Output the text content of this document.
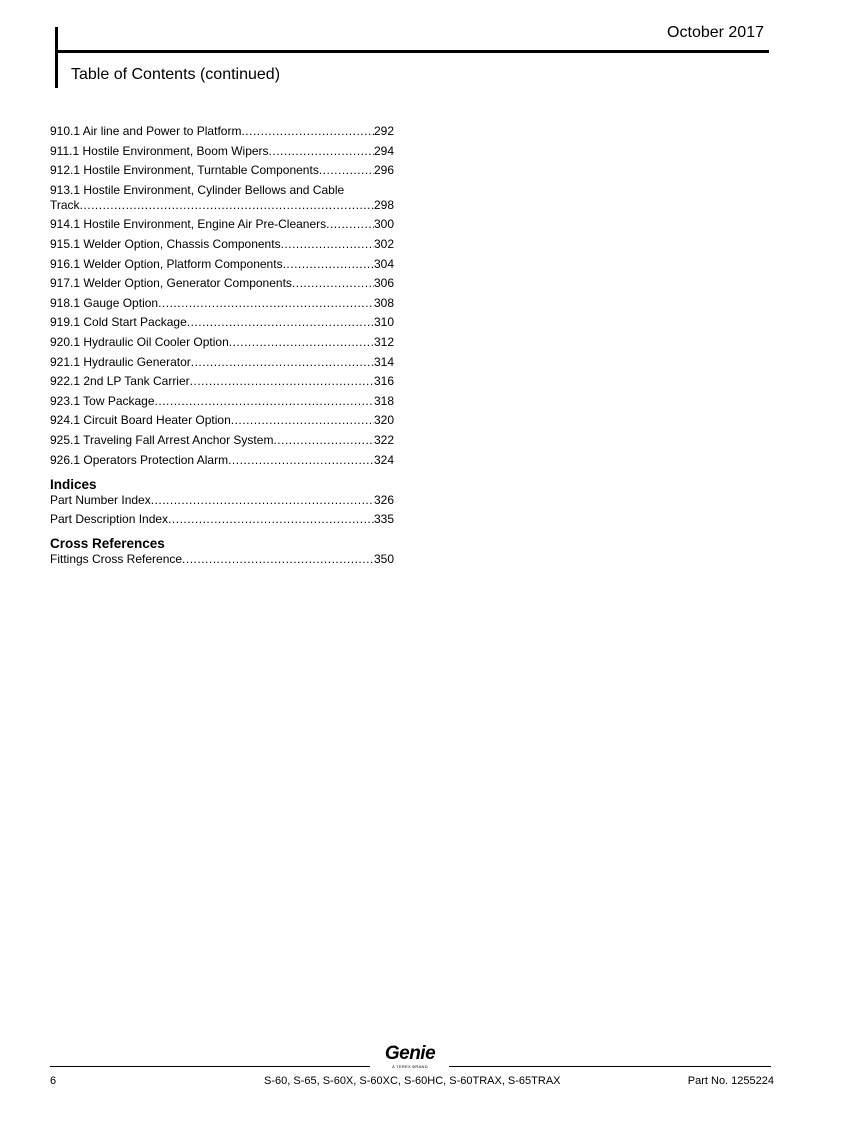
October 2017
Table of Contents (continued)
910.1 Air line and Power to Platform .....	292
911.1 Hostile Environment, Boom Wipers .....	294
912.1 Hostile Environment, Turntable Components .....	296
913.1 Hostile Environment, Cylinder Bellows and Cable
Track .....	298
914.1 Hostile Environment, Engine Air Pre-Cleaners .....	300
915.1 Welder Option, Chassis Components .....	302
916.1 Welder Option, Platform Components .....	304
917.1 Welder Option, Generator Components .....	306
918.1 Gauge Option .....	308
919.1 Cold Start Package .....	310
920.1 Hydraulic Oil Cooler Option .....	312
921.1 Hydraulic Generator .....	314
922.1 2nd LP Tank Carrier .....	316
923.1 Tow Package .....	318
924.1 Circuit Board Heater Option .....	320
925.1 Traveling Fall Arrest Anchor System .....	322
926.1 Operators Protection Alarm .....	324
Indices
Part Number Index .....	326
Part Description Index .....	335
Cross References
Fittings Cross Reference .....	350
Genie
A TEREX BRAND
6	S-60, S-65, S-60X, S-60XC, S-60HC, S-60TRAX, S-65TRAX	Part No. 1255224
